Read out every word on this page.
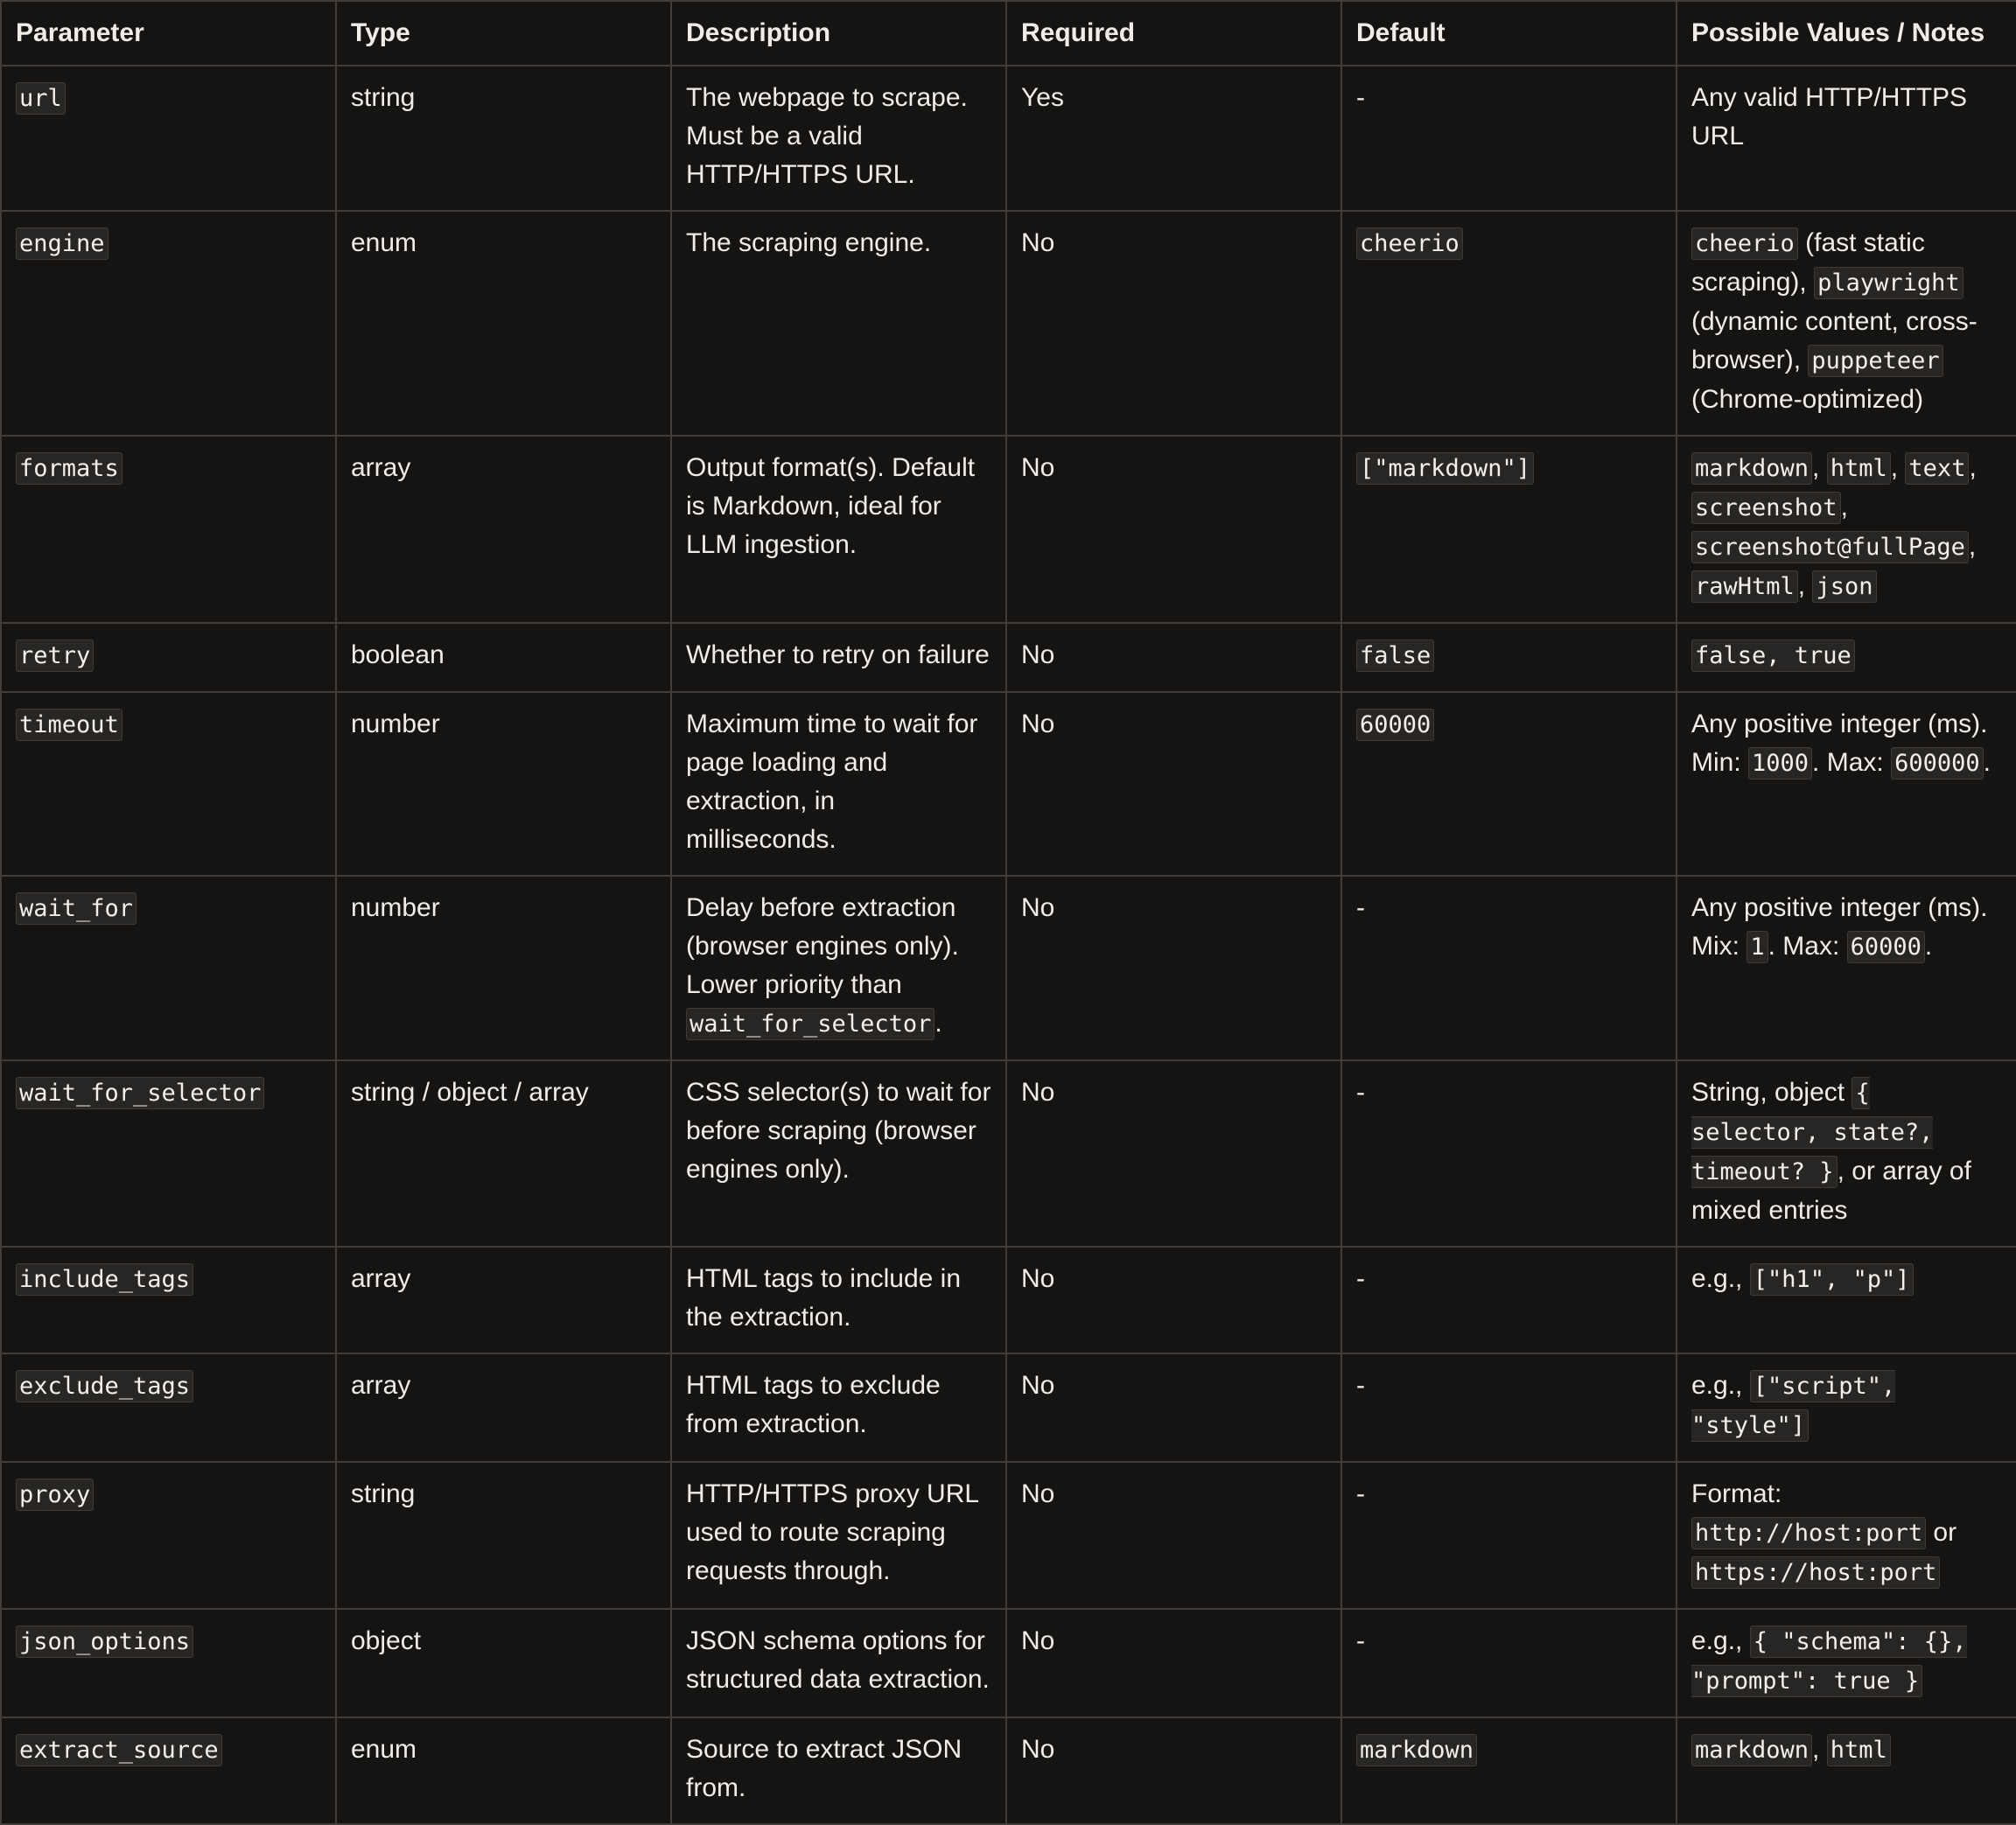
Parameter	Type	Description	Required	Default	Possible Values / Notes
url	string	The webpage to scrape. Must be a valid HTTP/HTTPS URL.	Yes	-	Any valid HTTP/HTTPS URL
engine	enum	The scraping engine.	No	cheerio	cheerio (fast static scraping), playwright (dynamic content, cross-browser), puppeteer (Chrome-optimized)
formats	array	Output format(s). Default is Markdown, ideal for LLM ingestion.	No	["markdown"]	markdown , html , text , screenshot , screenshot@fullPage , rawHtml , json
retry	boolean	Whether to retry on failure	No	false	false, true
timeout	number	Maximum time to wait for page loading and extraction, in milliseconds.	No	60000	Any positive integer (ms). Min: 1000 . Max: 600000 .
wait_for	number	Delay before extraction (browser engines only). Lower priority than wait_for_selector .	No	-	Any positive integer (ms). Mix: 1 . Max: 60000 .
wait_for_selector	string / object / array	CSS selector(s) to wait for before scraping (browser engines only).	No	-	String, object { selector, state?, timeout? } , or array of mixed entries
include_tags	array	HTML tags to include in the extraction.	No	-	e.g., ["h1", "p"]
exclude_tags	array	HTML tags to exclude from extraction.	No	-	e.g., ["script", "style"]
proxy	string	HTTP/HTTPS proxy URL used to route scraping requests through.	No	-	Format: http://host:port or https://host:port
json_options	object	JSON schema options for structured data extraction.	No	-	e.g., { "schema": {}, "prompt": true }
extract_source	enum	Source to extract JSON from.	No	markdown	markdown , html
